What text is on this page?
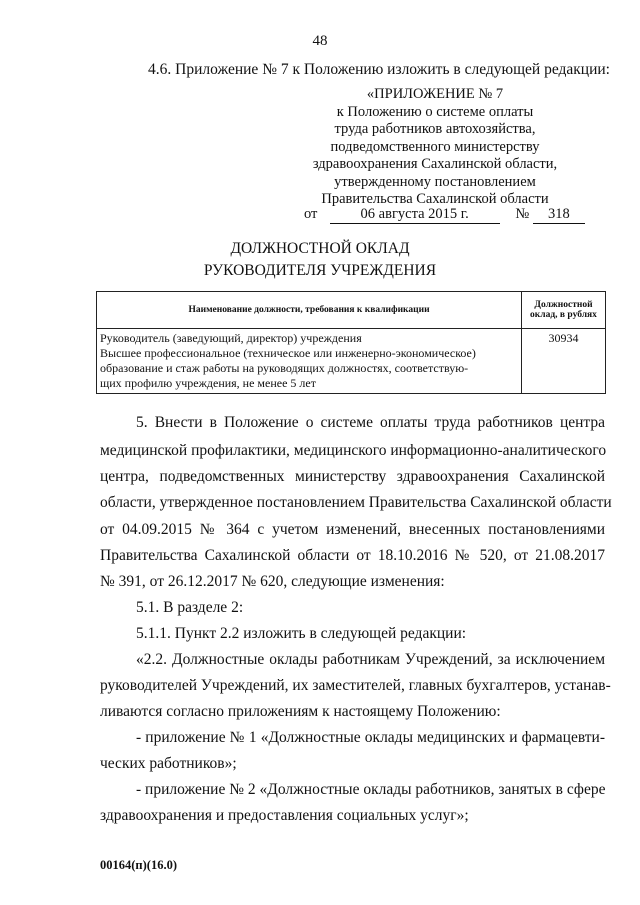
48
4.6. Приложение № 7 к Положению изложить в следующей редакции:
«ПРИЛОЖЕНИЕ № 7
к Положению о системе оплаты
труда работников автохозяйства,
подведомственного министерству
здравоохранения Сахалинской области,
утвержденному постановлением
Правительства Сахалинской области
от	06 августа 2015 г.	№ 318
ДОЛЖНОСТНОЙ ОКЛАД
РУКОВОДИТЕЛЯ УЧРЕЖДЕНИЯ
Наименование должности, требования к квалификации	Должностной
оклад, в рублях

Руководитель (заведующий, директор) учреждения
Высшее профессиональное (техническое или инженерно-экономическое)
образование и стаж работы на руководящих должностях, соответствую-
щих профилю учреждения, не менее 5 лет	30934
5. Внести в Положение о системе оплаты труда работников центра
медицинской профилактики, медицинского информационно-аналитического
центра, подведомственных министерству здравоохранения Сахалинской
области, утвержденное постановлением Правительства Сахалинской области
от 04.09.2015 № 364 с учетом изменений, внесенных постановлениями
Правительства Сахалинской области от 18.10.2016 № 520, от 21.08.2017
№ 391, от 26.12.2017 № 620, следующие изменения:
5.1. В разделе 2:
5.1.1. Пункт 2.2 изложить в следующей редакции:
«2.2. Должностные оклады работникам Учреждений, за исключением
руководителей Учреждений, их заместителей, главных бухгалтеров, устанав-
ливаются согласно приложениям к настоящему Положению:
- приложение № 1 «Должностные оклады медицинских и фармацевти-
ческих работников»;
- приложение № 2 «Должностные оклады работников, занятых в сфере
здравоохранения и предоставления социальных услуг»;
00164(п)(16.0)
